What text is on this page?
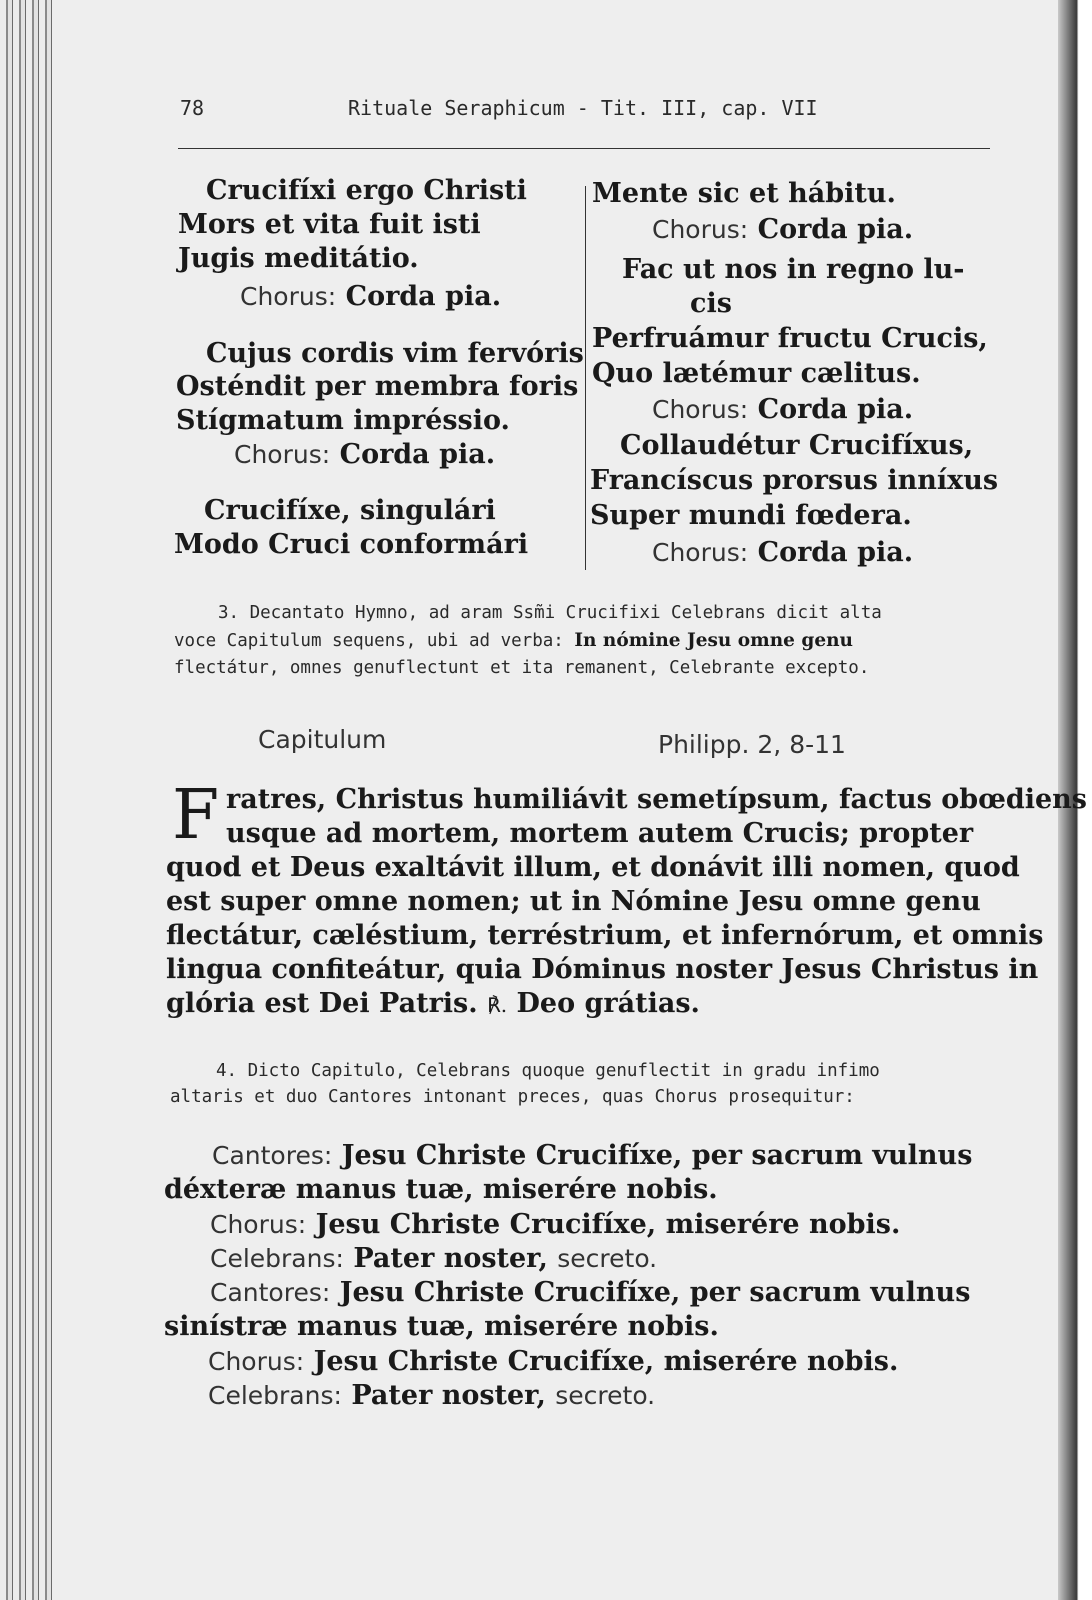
78	Rituale Seraphicum - Tit. III, cap. VII
Crucifíxi ergo Christi
Mors et vita fuit isti
Jugis meditátio.
Chorus: Corda pia.
Cujus cordis vim fervóris
Osténdit per membra foris
Stígmatum impréssio.
Chorus: Corda pia.
Crucifíxe, singulári
Modo Cruci conformári
Mente sic et hábitu.
Chorus: Corda pia.
Fac ut nos in regno lu-
cis
Perfruámur fructu Crucis,
Quo lætémur cælitus.
Chorus: Corda pia.
Collaudétur Crucifíxus,
Francíscus prorsus inníxus
Super mundi fœdera.
Chorus: Corda pia.
3. Decantato Hymno, ad aram Ssm̃i Crucifixi Celebrans dicit alta
voce Capitulum sequens, ubi ad verba: In nómine Jesu omne genu
flectátur, omnes genuflectunt et ita remanent, Celebrante excepto.
Capitulum	Philipp. 2, 8-11
F ratres, Christus humiliávit semetípsum, factus obœdiens
usque ad mortem, mortem autem Crucis; propter
quod et Deus exaltávit illum, et donávit illi nomen, quod
est super omne nomen; ut in Nómine Jesu omne genu
flectátur, cæléstium, terréstrium, et infernórum, et omnis
lingua confiteátur, quia Dóminus noster Jesus Christus in
glória est Dei Patris. ℟. Deo grátias.
4. Dicto Capitulo, Celebrans quoque genuflectit in gradu infimo
altaris et duo Cantores intonant preces, quas Chorus prosequitur:
Cantores: Jesu Christe Crucifíxe, per sacrum vulnus
déxteræ manus tuæ, miserére nobis.
Chorus: Jesu Christe Crucifíxe, miserére nobis.
Celebrans: Pater noster, secreto.
Cantores: Jesu Christe Crucifíxe, per sacrum vulnus
sinístræ manus tuæ, miserére nobis.
Chorus: Jesu Christe Crucifíxe, miserére nobis.
Celebrans: Pater noster, secreto.
